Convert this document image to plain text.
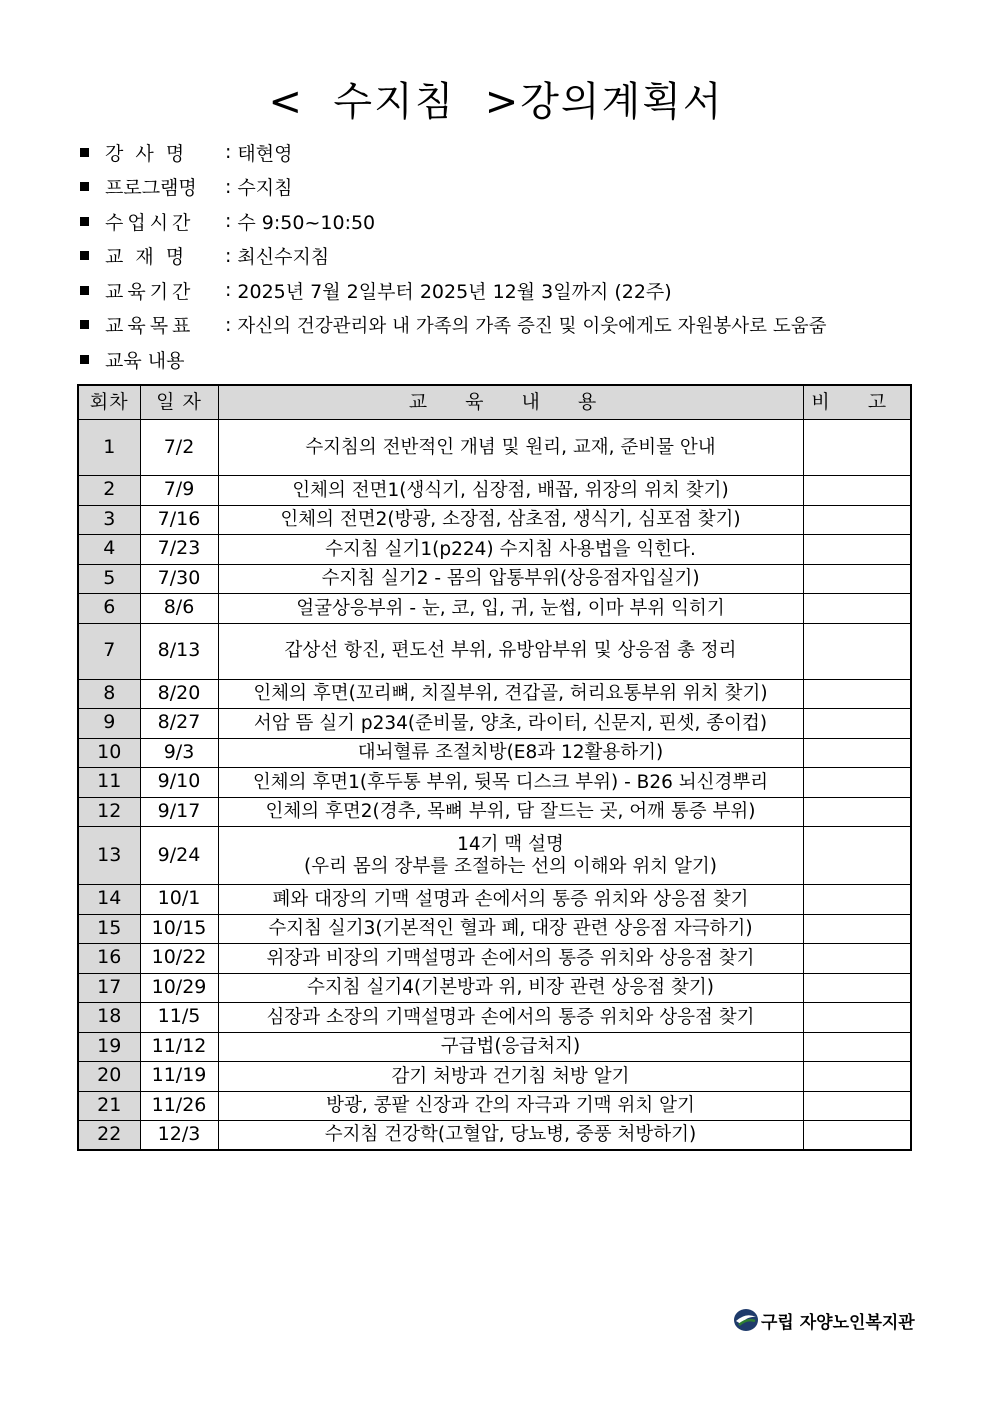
<  수지침  >강의계획서
강  사  명	: 태현영
프로그램명	: 수지침
수업시간	: 수 9:50~10:50
교  재  명	: 최신수지침
교육기간	: 2025년 7월 2일부터 2025년 12월 3일까지 (22주)
교육목표	: 자신의 건강관리와 내 가족의 가족 증진 및 이웃에게도 자원봉사로 도움줌
교육 내용
회차	일 자	교 육 내 용	비 고
1	7/2	수지침의 전반적인 개념 및 원리, 교재, 준비물 안내	
2	7/9	인체의 전면1(생식기, 심장점, 배꼽, 위장의 위치 찾기)	
3	7/16	인체의 전면2(방광, 소장점, 삼초점, 생식기, 심포점 찾기)	
4	7/23	수지침 실기1(p224) 수지침 사용법을 익힌다.	
5	7/30	수지침 실기2 - 몸의 압통부위(상응점자입실기)	
6	8/6	얼굴상응부위 - 눈, 코, 입, 귀, 눈썹, 이마 부위 익히기	
7	8/13	갑상선 항진, 편도선 부위, 유방암부위 및 상응점 총 정리	
8	8/20	인체의 후면(꼬리뼈, 치질부위, 견갑골, 허리요통부위 위치 찾기)	
9	8/27	서암 뜸 실기 p234(준비물, 양초, 라이터, 신문지, 핀셋, 종이컵)	
10	9/3	대뇌혈류 조절치방(E8과 12활용하기)	
11	9/10	인체의 후면1(후두통 부위, 뒷목 디스크 부위) - B26 뇌신경뿌리	
12	9/17	인체의 후면2(경추, 목뼈 부위, 담 잘드는 곳, 어깨 통증 부위)	
13	9/24	14기 맥 설명
(우리 몸의 장부를 조절하는 선의 이해와 위치 알기)	
14	10/1	폐와 대장의 기맥 설명과 손에서의 통증 위치와 상응점 찾기	
15	10/15	수지침 실기3(기본적인 혈과 폐, 대장 관련 상응점 자극하기)	
16	10/22	위장과 비장의 기맥설명과 손에서의 통증 위치와 상응점 찾기	
17	10/29	수지침 실기4(기본방과 위, 비장 관련 상응점 찾기)	
18	11/5	심장과 소장의 기맥설명과 손에서의 통증 위치와 상응점 찾기	
19	11/12	구급법(응급처지)	
20	11/19	감기 처방과 건기침 처방 알기	
21	11/26	방광, 콩팥 신장과 간의 자극과 기맥 위치 알기	
22	12/3	수지침 건강학(고혈압, 당뇨병, 중풍 처방하기)	
구립 자양노인복지관
